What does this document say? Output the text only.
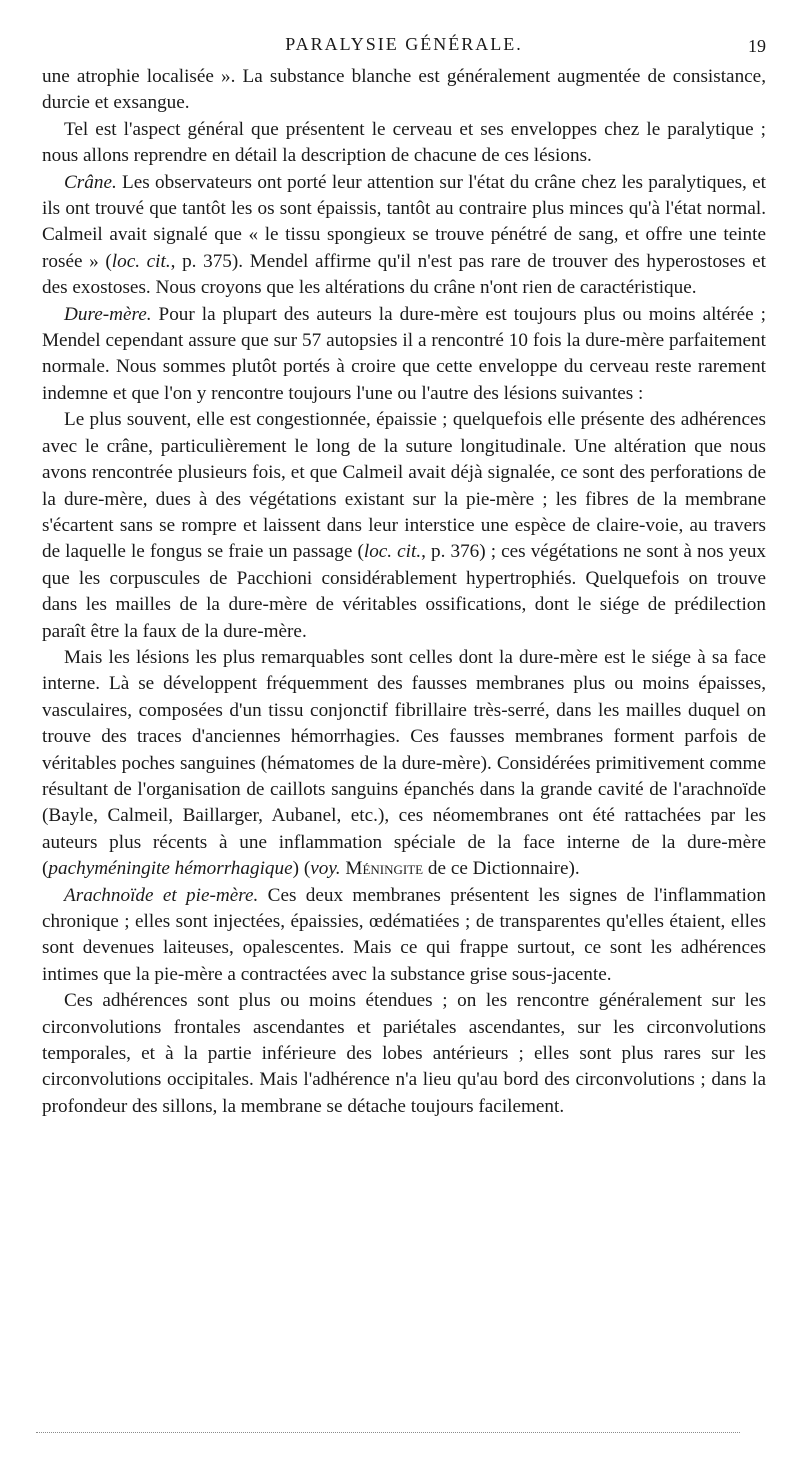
PARALYSIE GÉNÉRALE.	19

une atrophie localisée ». La substance blanche est généralement augmentée de consistance, durcie et exsangue.

Tel est l'aspect général que présentent le cerveau et ses enveloppes chez le paralytique ; nous allons reprendre en détail la description de chacune de ces lésions.

Crâne. Les observateurs ont porté leur attention sur l'état du crâne chez les paralytiques, et ils ont trouvé que tantôt les os sont épaissis, tantôt au contraire plus minces qu'à l'état normal. Calmeil avait signalé que « le tissu spongieux se trouve pénétré de sang, et offre une teinte rosée » (loc. cit., p. 375). Mendel affirme qu'il n'est pas rare de trouver des hyperostoses et des exostoses. Nous croyons que les altérations du crâne n'ont rien de caractéristique.

Dure-mère. Pour la plupart des auteurs la dure-mère est toujours plus ou moins altérée ; Mendel cependant assure que sur 57 autopsies il a rencontré 10 fois la dure-mère parfaitement normale. Nous sommes plutôt portés à croire que cette enveloppe du cerveau reste rarement indemne et que l'on y rencontre toujours l'une ou l'autre des lésions suivantes :

Le plus souvent, elle est congestionnée, épaissie ; quelquefois elle présente des adhérences avec le crâne, particulièrement le long de la suture longitudinale. Une altération que nous avons rencontrée plusieurs fois, et que Calmeil avait déjà signalée, ce sont des perforations de la dure-mère, dues à des végétations existant sur la pie-mère ; les fibres de la membrane s'écartent sans se rompre et laissent dans leur interstice une espèce de claire-voie, au travers de laquelle le fongus se fraie un passage (loc. cit., p. 376) ; ces végétations ne sont à nos yeux que les corpuscules de Pacchioni considérablement hypertrophiés. Quelquefois on trouve dans les mailles de la dure-mère de véritables ossifications, dont le siége de prédilection paraît être la faux de la dure-mère.

Mais les lésions les plus remarquables sont celles dont la dure-mère est le siége à sa face interne. Là se développent fréquemment des fausses membranes plus ou moins épaisses, vasculaires, composées d'un tissu conjonctif fibrillaire très-serré, dans les mailles duquel on trouve des traces d'anciennes hémorrhagies. Ces fausses membranes forment parfois de véritables poches sanguines (hématomes de la dure-mère). Considérées primitivement comme résultant de l'organisation de caillots sanguins épanchés dans la grande cavité de l'arachnoïde (Bayle, Calmeil, Baillarger, Aubanel, etc.), ces néomembranes ont été rattachées par les auteurs plus récents à une inflammation spéciale de la face interne de la dure-mère (pachyméningite hémorrhagique) (voy. Méningite de ce Dictionnaire).

Arachnoïde et pie-mère. Ces deux membranes présentent les signes de l'inflammation chronique ; elles sont injectées, épaissies, œdématiées ; de transparentes qu'elles étaient, elles sont devenues laiteuses, opalescentes. Mais ce qui frappe surtout, ce sont les adhérences intimes que la pie-mère a contractées avec la substance grise sous-jacente.

Ces adhérences sont plus ou moins étendues ; on les rencontre généralement sur les circonvolutions frontales ascendantes et pariétales ascendantes, sur les circonvolutions temporales, et à la partie inférieure des lobes antérieurs ; elles sont plus rares sur les circonvolutions occipitales. Mais l'adhérence n'a lieu qu'au bord des circonvolutions ; dans la profondeur des sillons, la membrane se détache toujours facilement.
